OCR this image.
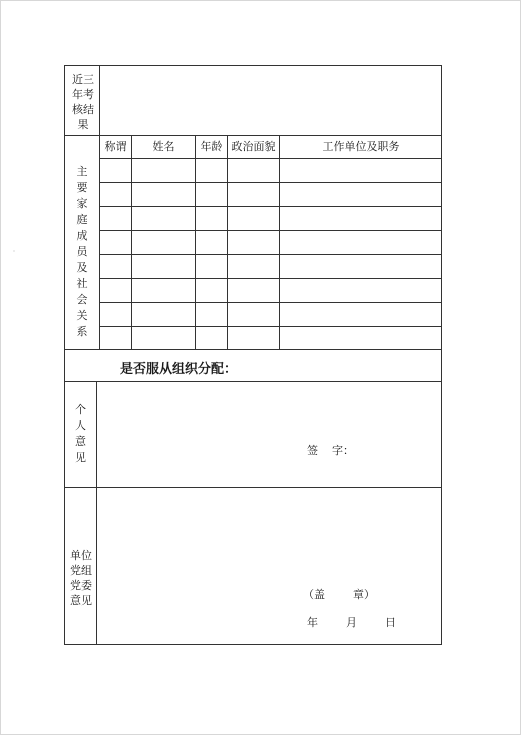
近三年考核结果
主要家庭成员及社会关系
称谓	姓名	年龄 政治面貌	工作单位及职务
是否服从组织分配：
个人意见
签    字：
单位党组党委意见	（盖        章）
年        月        日
